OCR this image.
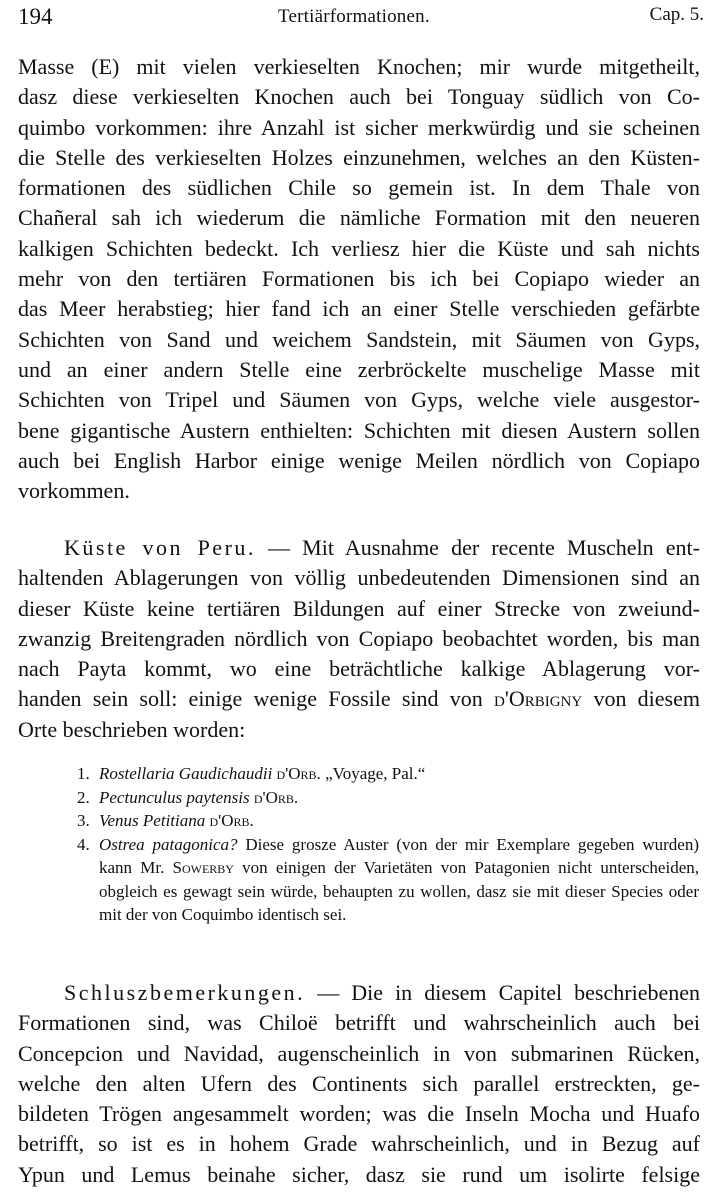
194	Tertiärformationen.	Cap. 5.
Masse (E) mit vielen verkieselten Knochen; mir wurde mitgetheilt,
dasz diese verkieselten Knochen auch bei Tonguay südlich von Co-
quimbo vorkommen: ihre Anzahl ist sicher merkwürdig und sie scheinen
die Stelle des verkieselten Holzes einzunehmen, welches an den Küsten-
formationen des südlichen Chile so gemein ist. In dem Thale von
Chañeral sah ich wiederum die nämliche Formation mit den neueren
kalkigen Schichten bedeckt. Ich verliesz hier die Küste und sah nichts
mehr von den tertiären Formationen bis ich bei Copiapo wieder an
das Meer herabstieg; hier fand ich an einer Stelle verschieden gefärbte
Schichten von Sand und weichem Sandstein, mit Säumen von Gyps,
und an einer andern Stelle eine zerbröckelte muschelige Masse mit
Schichten von Tripel und Säumen von Gyps, welche viele ausgestor-
bene gigantische Austern enthielten: Schichten mit diesen Austern sollen
auch bei English Harbor einige wenige Meilen nördlich von Copiapo
vorkommen.
Küste von Peru. — Mit Ausnahme der recente Muscheln ent-
haltenden Ablagerungen von völlig unbedeutenden Dimensionen sind an
dieser Küste keine tertiären Bildungen auf einer Strecke von zweiund-
zwanzig Breitengraden nördlich von Copiapo beobachtet worden, bis man
nach Payta kommt, wo eine beträchtliche kalkige Ablagerung vor-
handen sein soll: einige wenige Fossile sind von d'Orbigny von diesem
Orte beschrieben worden:
1. Rostellaria Gaudichaudii d'Orb. „Voyage, Pal.“
2. Pectunculus paytensis d'Orb.
3. Venus Petitiana d'Orb.
4. Ostrea patagonica? Diese grosze Auster (von der mir Exemplare gegeben wurden) kann Mr. Sowerby von einigen der Varietäten von Patagonien nicht unterscheiden, obgleich es gewagt sein würde, behaupten zu wollen, dasz sie mit dieser Species oder mit der von Coquimbo identisch sei.
Schluszbemerkungen. — Die in diesem Capitel beschriebenen
Formationen sind, was Chiloë betrifft und wahrscheinlich auch bei
Concepcion und Navidad, augenscheinlich in von submarinen Rücken,
welche den alten Ufern des Continents sich parallel erstreckten, ge-
bildeten Trögen angesammelt worden; was die Inseln Mocha und Huafo
betrifft, so ist es in hohem Grade wahrscheinlich, und in Bezug auf
Ypun und Lemus beinahe sicher, dasz sie rund um isolirte felsige
